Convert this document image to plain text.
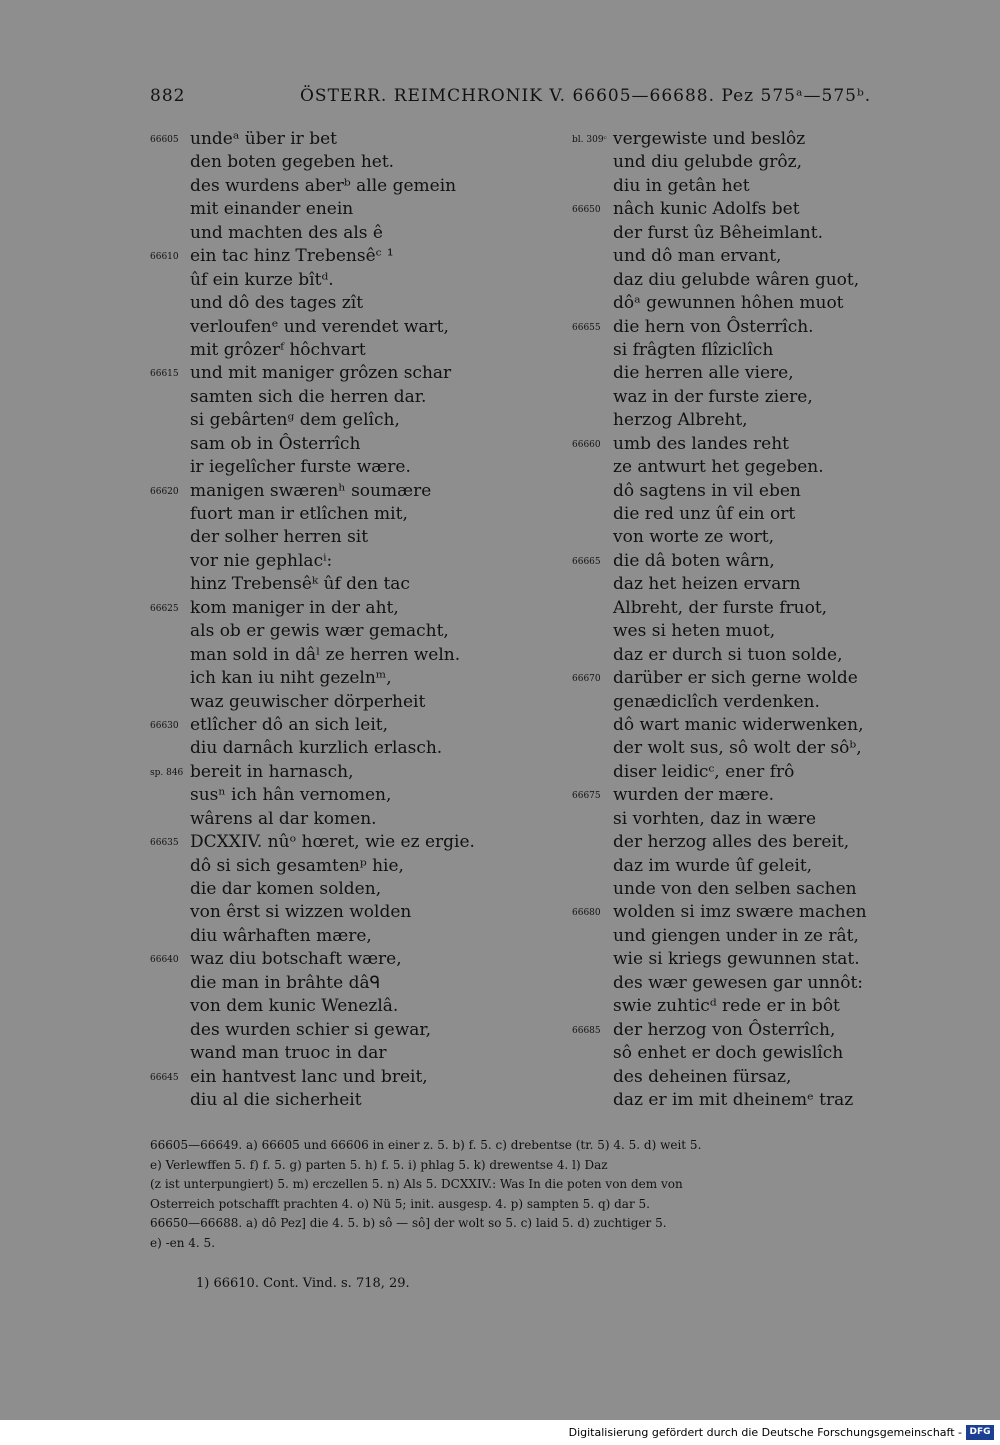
882	ÖSTERR. REIMCHRONIK V. 66605—66688. Pez 575ᵃ—575ᵇ.
66605 undeᵃ über ir bet
den boten gegeben het.
des wurdens aberᵇ alle gemein
mit einander enein
und machten des als ê
66610 ein tac hinz Trebensêᶜ ¹
ûf ein kurze bîtᵈ.
und dô des tages zît
verloufenᵉ und verendet wart,
mit grôzerᶠ hôchvart
66615 und mit maniger grôzen schar
samten sich die herren dar.
si gebârtenᵍ dem gelîch,
sam ob in Ôsterrîch
ir iegelîcher furste wære.
66620 manigen swærenʰ soumære
fuort man ir etlîchen mit,
der solher herren sit
vor nie gephlacⁱ:
hinz Trebensêᵏ ûf den tac
66625 kom maniger in der aht,
als ob er gewis wær gemacht,
man sold in dâˡ ze herren weln.
ich kan iu niht gezelnᵐ,
waz geuwischer dörperheit
66630 etlîcher dô an sich leit,
diu darnâch kurzlich erlasch.
sp. 846 bereit in harnasch,
susⁿ ich hân vernomen,
wârens al dar komen.
66635 DCXXIV. nûᵒ hœret, wie ez ergie.
dô si sich gesamtenᵖ hie,
die dar komen solden,
von êrst si wizzen wolden
diu wârhaften mære,
66640 waz diu botschaft wære,
die man in brâhte dâᑫ
von dem kunic Wenezlâ.
des wurden schier si gewar,
wand man truoc in dar
66645 ein hantvest lanc und breit,
diu al die sicherheit
bl. 309ᶜ vergewiste und beslôz
und diu gelubde grôz,
diu in getân het
66650 nâch kunic Adolfs bet
der furst ûz Bêheimlant.
und dô man ervant,
daz diu gelubde wâren guot,
dôᵃ gewunnen hôhen muot
66655 die hern von Ôsterrîch.
si frâgten flîziclîch
die herren alle viere,
waz in der furste ziere,
herzog Albreht,
66660 umb des landes reht
ze antwurt het gegeben.
dô sagtens in vil eben
die red unz ûf ein ort
von worte ze wort,
66665 die dâ boten wârn,
daz het heizen ervarn
Albreht, der furste fruot,
wes si heten muot,
daz er durch si tuon solde,
66670 darüber er sich gerne wolde
genædiclîch verdenken.
dô wart manic widerwenken,
der wolt sus, sô wolt der sôᵇ,
diser leidicᶜ, ener frô
66675 wurden der mære.
si vorhten, daz in wære
der herzog alles des bereit,
daz im wurde ûf geleit,
unde von den selben sachen
66680 wolden si imz swære machen
und giengen under in ze rât,
wie si kriegs gewunnen stat.
des wær gewesen gar unnôt:
swie zuhticᵈ rede er in bôt
66685 der herzog von Ôsterrîch,
sô enhet er doch gewislîch
des deheinen fürsaz,
daz er im mit dheinemᵉ traz
66605—66649. a) 66605 und 66606 in einer z. 5. b) f. 5. c) drebentse (tr. 5) 4. 5. d) weit 5.
e) Verlewffen 5. f) f. 5. g) parten 5. h) f. 5. i) phlag 5. k) drewentse 4. l) Daz
(z ist unterpungiert) 5. m) erczellen 5. n) Als 5. DCXXIV.: Was In die poten von dem von
Osterreich potschafft prachten 4. o) Nü 5; init. ausgesp. 4. p) sampten 5. q) dar 5.
66650—66688. a) dô Pez] die 4. 5. b) sô — sô] der wolt so 5. c) laid 5. d) zuchtiger 5.
e) -en 4. 5.
1) 66610. Cont. Vind. s. 718, 29.
Digitalisierung gefördert durch die Deutsche Forschungsgemeinschaft - DFG
